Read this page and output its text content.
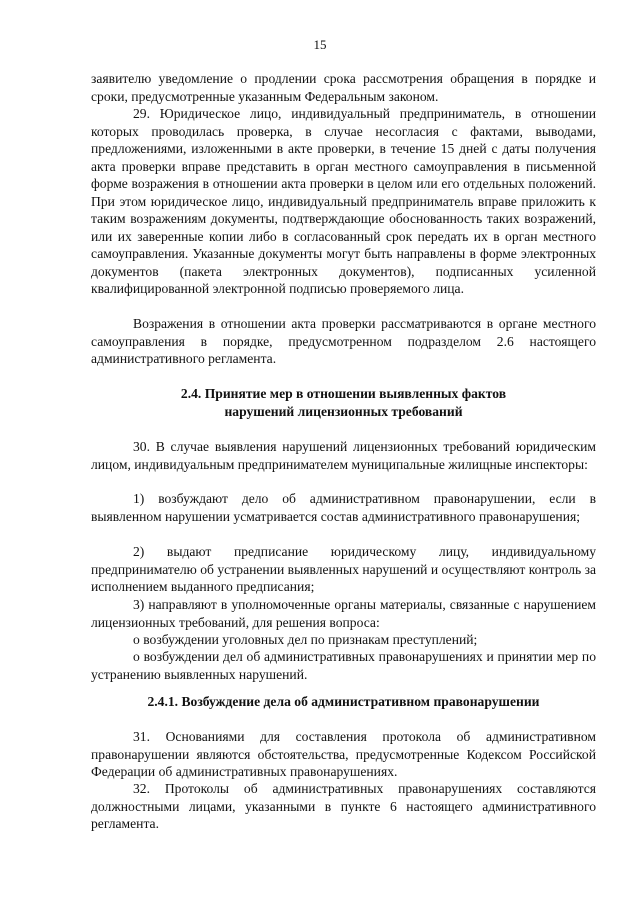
15

заявителю уведомление о продлении срока рассмотрения обращения в порядке и сроки, предусмотренные указанным Федеральным законом.

29. Юридическое лицо, индивидуальный предприниматель, в отношении которых проводилась проверка, в случае несогласия с фактами, выводами, предложениями, изложенными в акте проверки, в течение 15 дней с даты получения акта проверки вправе представить в орган местного самоуправления в письменной форме возражения в отношении акта проверки в целом или его отдельных положений. При этом юридическое лицо, индивидуальный предприниматель вправе приложить к таким возражениям документы, подтверждающие обоснованность таких возражений, или их заверенные копии либо в согласованный срок передать их в орган местного самоуправления. Указанные документы могут быть направлены в форме электронных документов (пакета электронных документов), подписанных усиленной квалифицированной электронной подписью проверяемого лица.

Возражения в отношении акта проверки рассматриваются в органе местного самоуправления в порядке, предусмотренном подразделом 2.6 настоящего административного регламента.

2.4. Принятие мер в отношении выявленных фактов
нарушений лицензионных требований

30. В случае выявления нарушений лицензионных требований юридическим лицом, индивидуальным предпринимателем муниципальные жилищные инспекторы:

1) возбуждают дело об административном правонарушении, если в выявленном нарушении усматривается состав административного правонарушения;

2) выдают предписание юридическому лицу, индивидуальному предпринимателю об устранении выявленных нарушений и осуществляют контроль за исполнением выданного предписания;

3) направляют в уполномоченные органы материалы, связанные с нарушением лицензионных требований, для решения вопроса:

о возбуждении уголовных дел по признакам преступлений;

о возбуждении дел об административных правонарушениях и принятии мер по устранению выявленных нарушений.

2.4.1. Возбуждение дела об административном правонарушении

31. Основаниями для составления протокола об административном правонарушении являются обстоятельства, предусмотренные Кодексом Российской Федерации об административных правонарушениях.

32. Протоколы об административных правонарушениях составляются должностными лицами, указанными в пункте 6 настоящего административного регламента.
